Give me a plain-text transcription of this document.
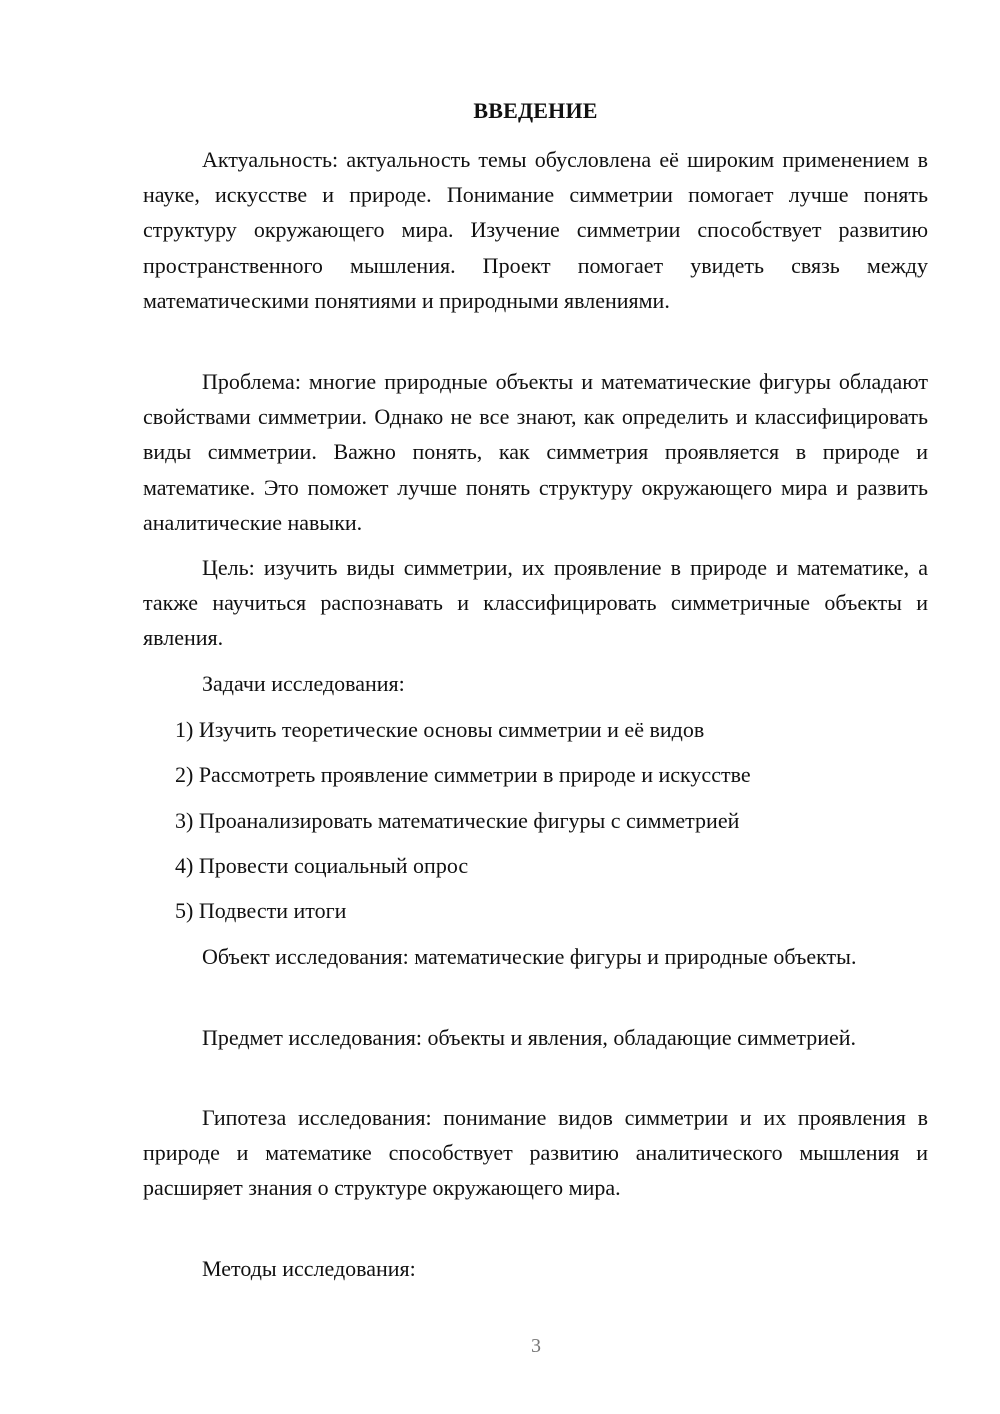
ВВЕДЕНИЕ

Актуальность: актуальность темы обусловлена её широким применением в науке, искусстве и природе. Понимание симметрии помогает лучше понять структуру окружающего мира. Изучение симметрии способствует развитию пространственного мышления. Проект помогает увидеть связь между математическими понятиями и природными явлениями.

Проблема: многие природные объекты и математические фигуры обладают свойствами симметрии. Однако не все знают, как определить и классифицировать виды симметрии. Важно понять, как симметрия проявляется в природе и математике. Это поможет лучше понять структуру окружающего мира и развить аналитические навыки.

Цель: изучить виды симметрии, их проявление в природе и математике, а также научиться распознавать и классифицировать симметричные объекты и явления.

Задачи исследования:

1) Изучить теоретические основы симметрии и её видов

2) Рассмотреть проявление симметрии в природе и искусстве

3) Проанализировать математические фигуры с симметрией

4) Провести социальный опрос

5) Подвести итоги

Объект исследования: математические фигуры и природные объекты.

Предмет исследования: объекты и явления, обладающие симметрией.

Гипотеза исследования: понимание видов симметрии и их проявления в природе и математике способствует развитию аналитического мышления и расширяет знания о структуре окружающего мира.

Методы исследования:

3
